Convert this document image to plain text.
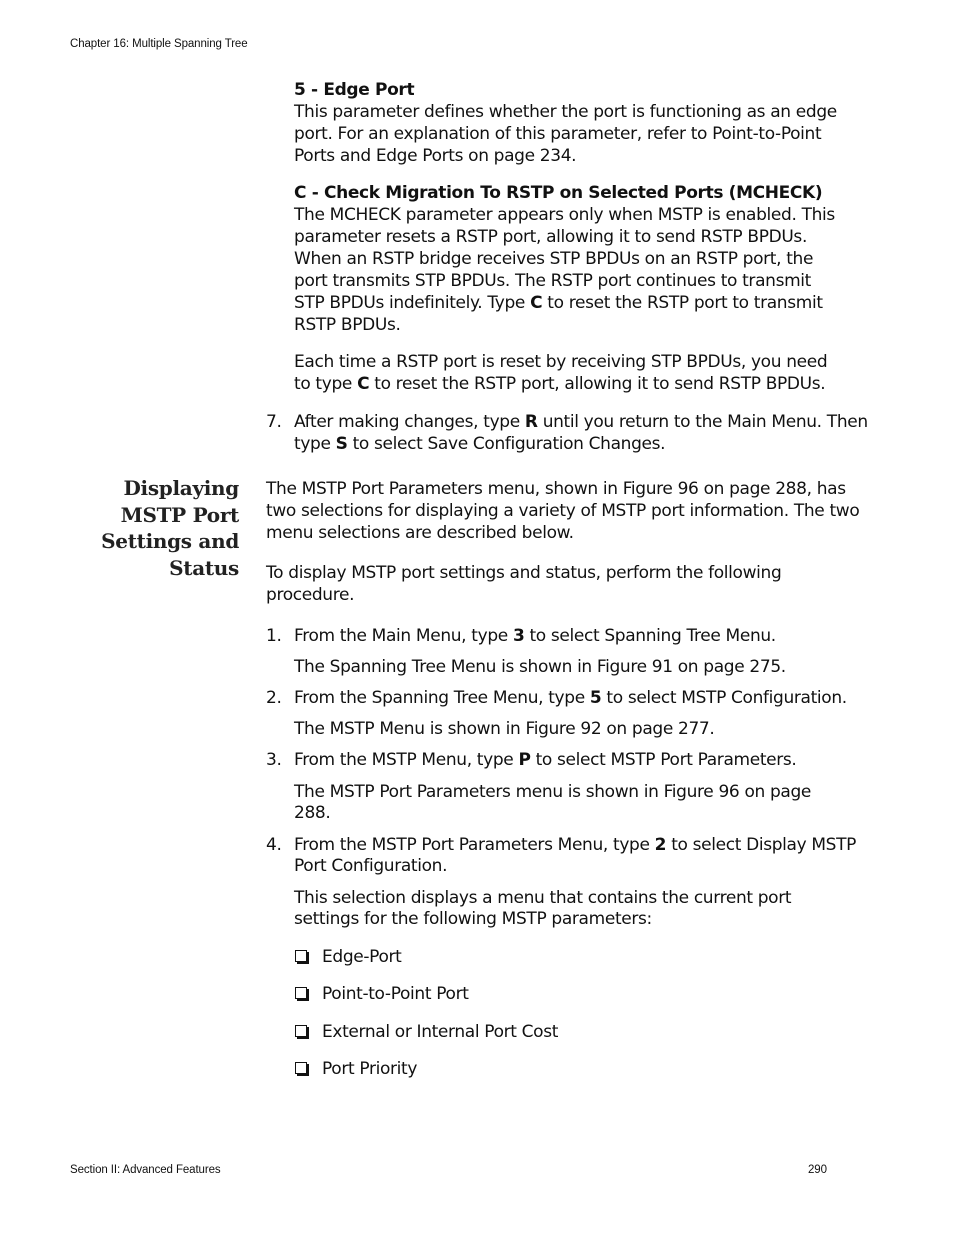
Chapter 16: Multiple Spanning Tree
Section II: Advanced Features	290
5 - Edge Port
This parameter defines whether the port is functioning as an edge
port. For an explanation of this parameter, refer to Point-to-Point
Ports and Edge Ports on page 234.
C - Check Migration To RSTP on Selected Ports (MCHECK)
The MCHECK parameter appears only when MSTP is enabled. This
parameter resets a RSTP port, allowing it to send RSTP BPDUs.
When an RSTP bridge receives STP BPDUs on an RSTP port, the
port transmits STP BPDUs. The RSTP port continues to transmit
STP BPDUs indefinitely. Type C to reset the RSTP port to transmit
RSTP BPDUs.
Each time a RSTP port is reset by receiving STP BPDUs, you need
to type C to reset the RSTP port, allowing it to send RSTP BPDUs.
7. After making changes, type R until you return to the Main Menu. Then
type S to select Save Configuration Changes.
Displaying
MSTP Port
Settings and
Status
The MSTP Port Parameters menu, shown in Figure 96 on page 288, has
two selections for displaying a variety of MSTP port information. The two
menu selections are described below.
To display MSTP port settings and status, perform the following
procedure.
1. From the Main Menu, type 3 to select Spanning Tree Menu.
The Spanning Tree Menu is shown in Figure 91 on page 275.
2. From the Spanning Tree Menu, type 5 to select MSTP Configuration.
The MSTP Menu is shown in Figure 92 on page 277.
3. From the MSTP Menu, type P to select MSTP Port Parameters.
The MSTP Port Parameters menu is shown in Figure 96 on page
288.
4. From the MSTP Port Parameters Menu, type 2 to select Display MSTP
Port Configuration.
This selection displays a menu that contains the current port
settings for the following MSTP parameters:
Edge-Port
Point-to-Point Port
External or Internal Port Cost
Port Priority
